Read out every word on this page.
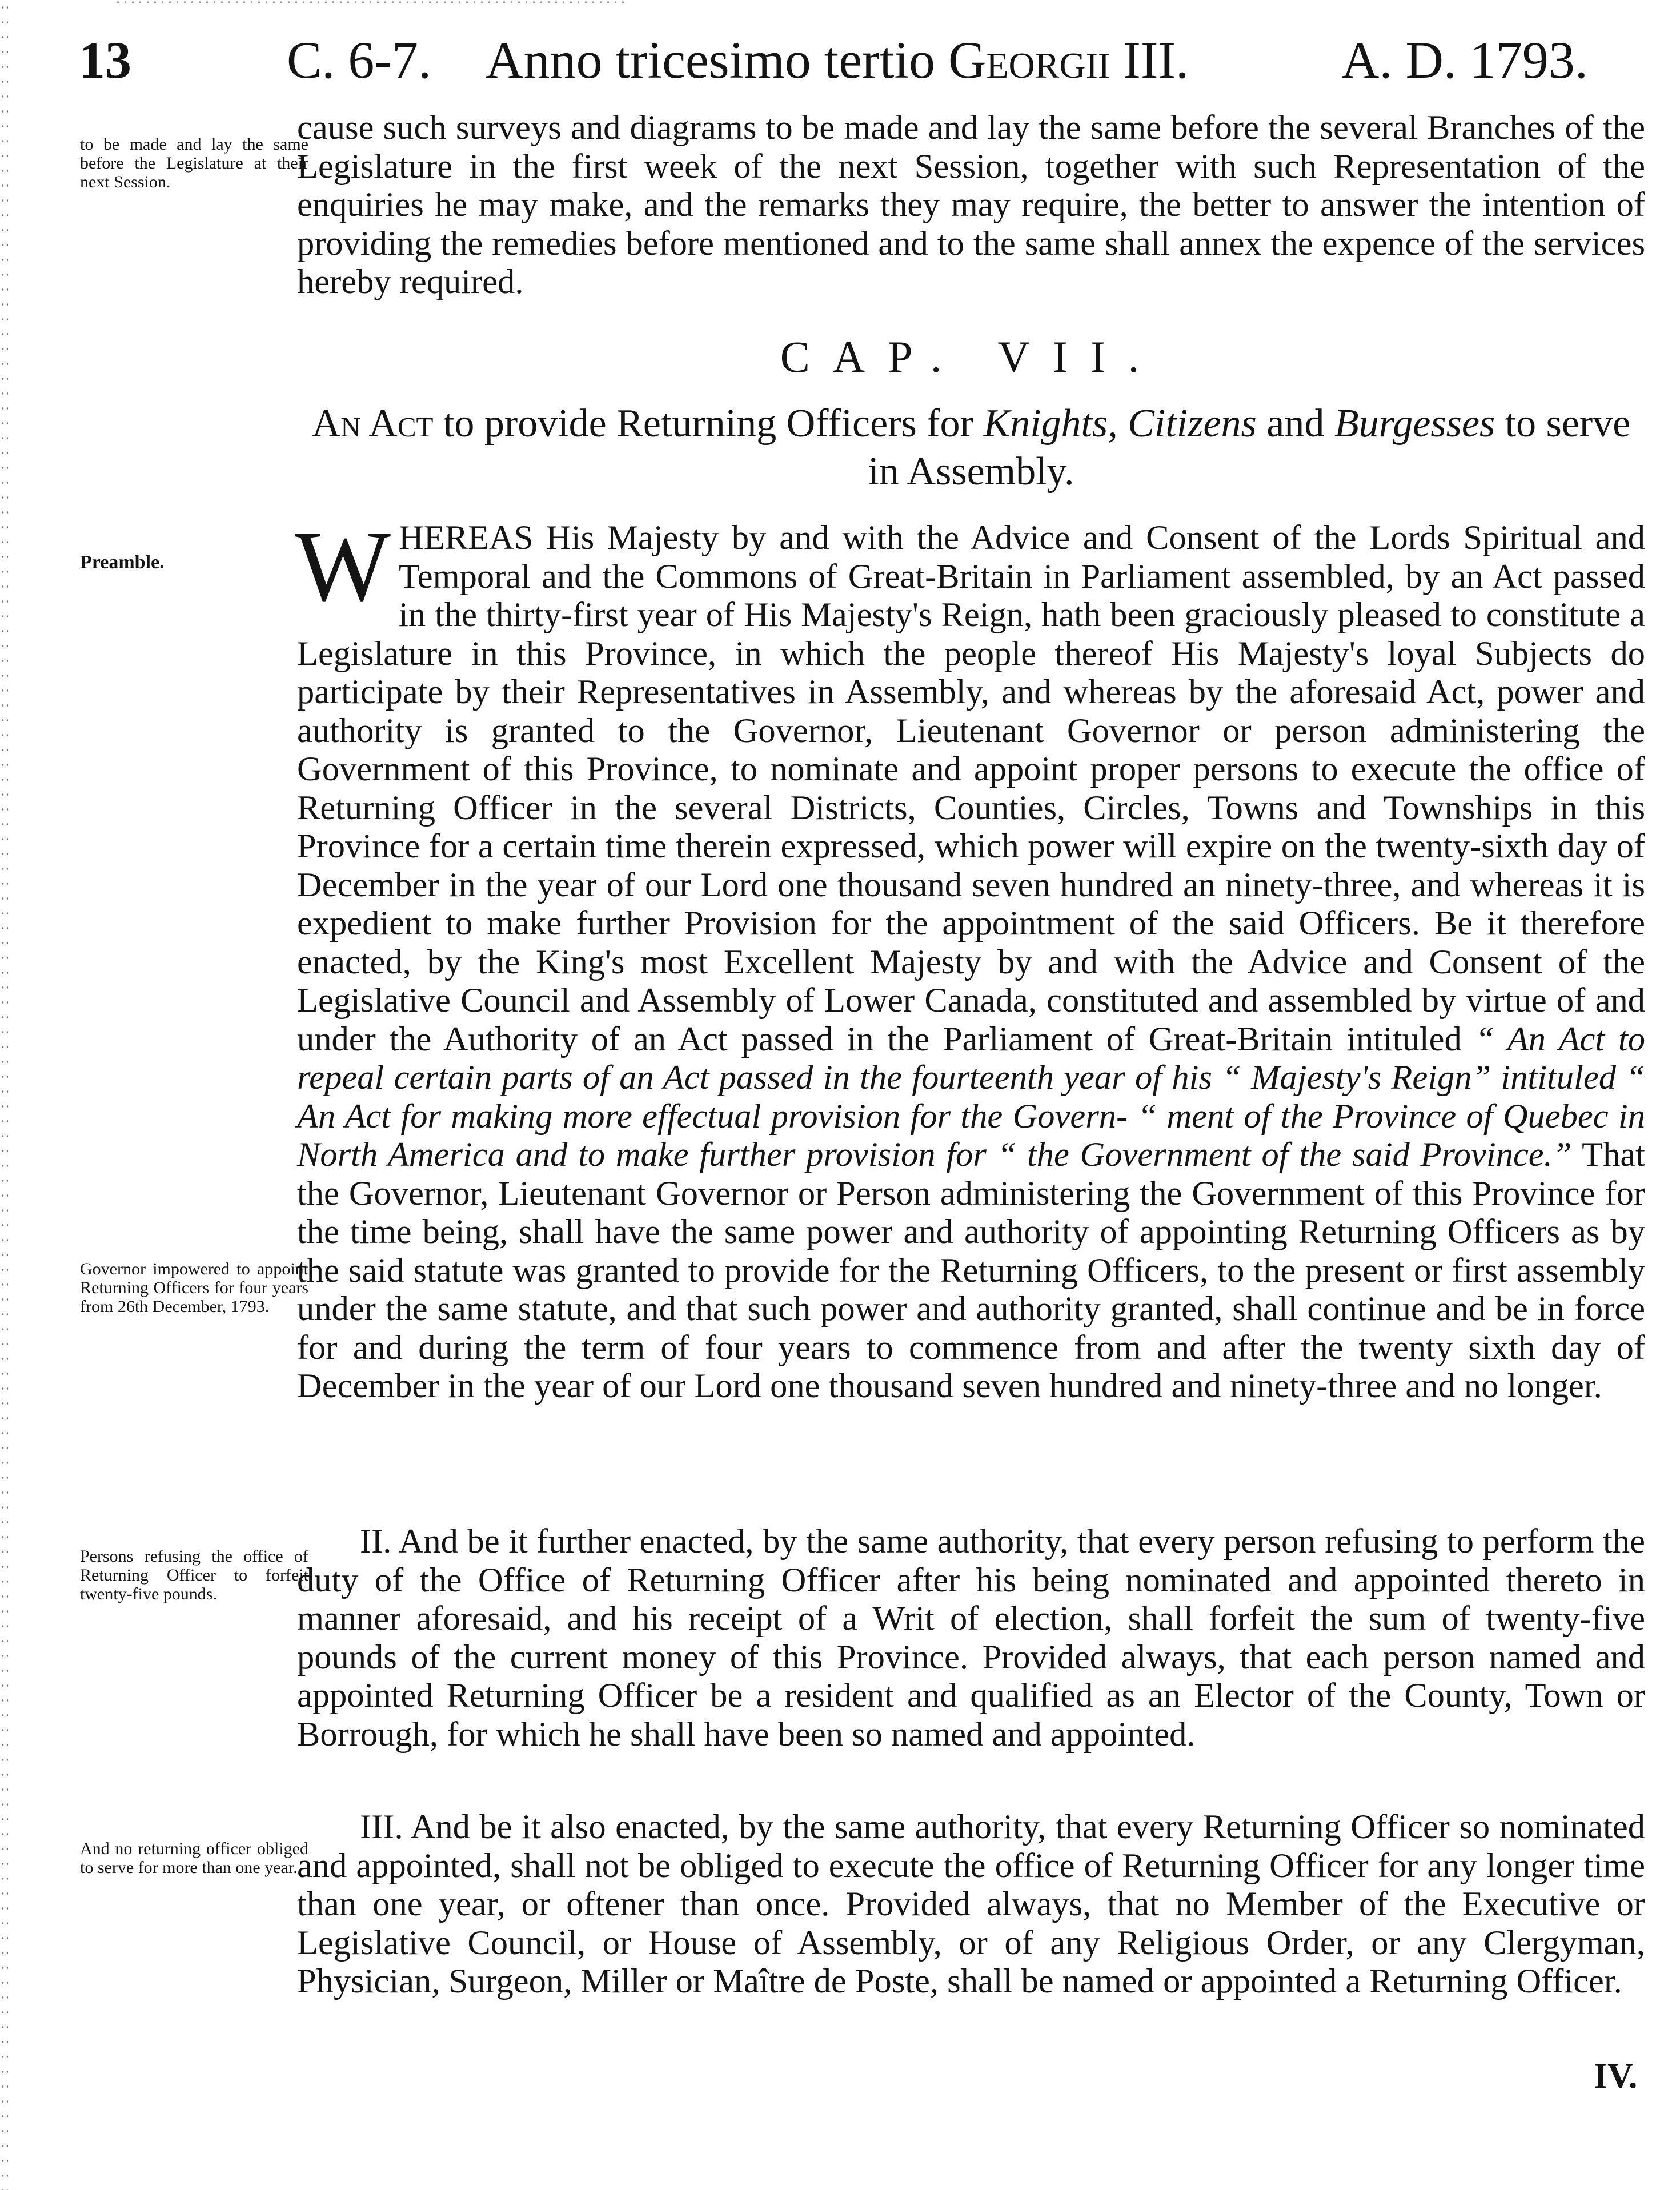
13	C. 6-7. Anno tricesimo tertio Georgii III.	A. D. 1793.
to be made and lay the same before the Legislature at their next Session.
cause such surveys and diagrams to be made and lay the same before the several Branches of the Legislature in the first week of the next Session, together with such Representation of the enquiries he may make, and the remarks they may require, the better to answer the intention of providing the remedies before mentioned and to the same shall annex the expence of the services hereby required.
CAP. VII.
An Act to provide Returning Officers for Knights, Citizens and Burgesses to serve in Assembly.
Preamble.	WHEREAS His Majesty by and with the Advice and Consent of the Lords Spiritual and Temporal and the Commons of Great-Britain in Parliament assembled, by an Act passed in the thirty-first year of His Majesty's Reign, hath been graciously pleased to constitute a Legislature in this Province, in which the people thereof His Majesty's loyal Subjects do participate by their Representatives in Assembly, and whereas by the aforesaid Act, power and authority is granted to the Governor, Lieutenant Governor or person administering the Government of this Province, to nominate and appoint proper persons to execute the office of Returning Officer in the several Districts, Counties, Circles, Towns and Townships in this Province for a certain time therein expressed, which power will expire on the twenty-sixth day of December in the year of our Lord one thousand seven hundred an ninety-three, and whereas it is expedient to make further Provision for the appointment of the said Officers. Be it therefore enacted, by the King's most Excellent Majesty by and with the Advice and Consent of the Legislative Council and Assembly of Lower Canada, constituted and assembled by virtue of and under the Authority of an Act passed in the Parliament of Great-Britain intituled “ An Act to repeal certain parts of an Act passed in the fourteenth year of his “ Majesty's Reign” intituled “ An Act for making more effectual provision for the Govern- “ ment of the Province of Quebec in North America and to make further provision for “ the Government of the said Province.” That the Governor, Lieutenant Governor or Person administering the Government of this Province for the time being, shall have the same power and authority of appointing Returning Officers as by the said statute was granted to provide for the Returning Officers, to the present or first assembly under the same statute, and that such power and authority granted, shall continue and be in force for and during the term of four years to commence from and after the twenty sixth day of December in the year of our Lord one thousand seven hundred and ninety-three and no longer.
Governor impowered to appoint Returning Officers for four years from 26th December, 1793.
Persons refusing the office of Returning Officer to forfeit twenty-five pounds.
II. And be it further enacted, by the same authority, that every person refusing to perform the duty of the Office of Returning Officer after his being nominated and appointed thereto in manner aforesaid, and his receipt of a Writ of election, shall forfeit the sum of twenty-five pounds of the current money of this Province. Provided always, that each person named and appointed Returning Officer be a resident and qualified as an Elector of the County, Town or Borrough, for which he shall have been so named and appointed.
And no returning officer obliged to serve for more than one year.
III. And be it also enacted, by the same authority, that every Returning Officer so nominated and appointed, shall not be obliged to execute the office of Returning Officer for any longer time than one year, or oftener than once. Provided always, that no Member of the Executive or Legislative Council, or House of Assembly, or of any Religious Order, or any Clergyman, Physician, Surgeon, Miller or Maître de Poste, shall be named or appointed a Returning Officer.
IV.
